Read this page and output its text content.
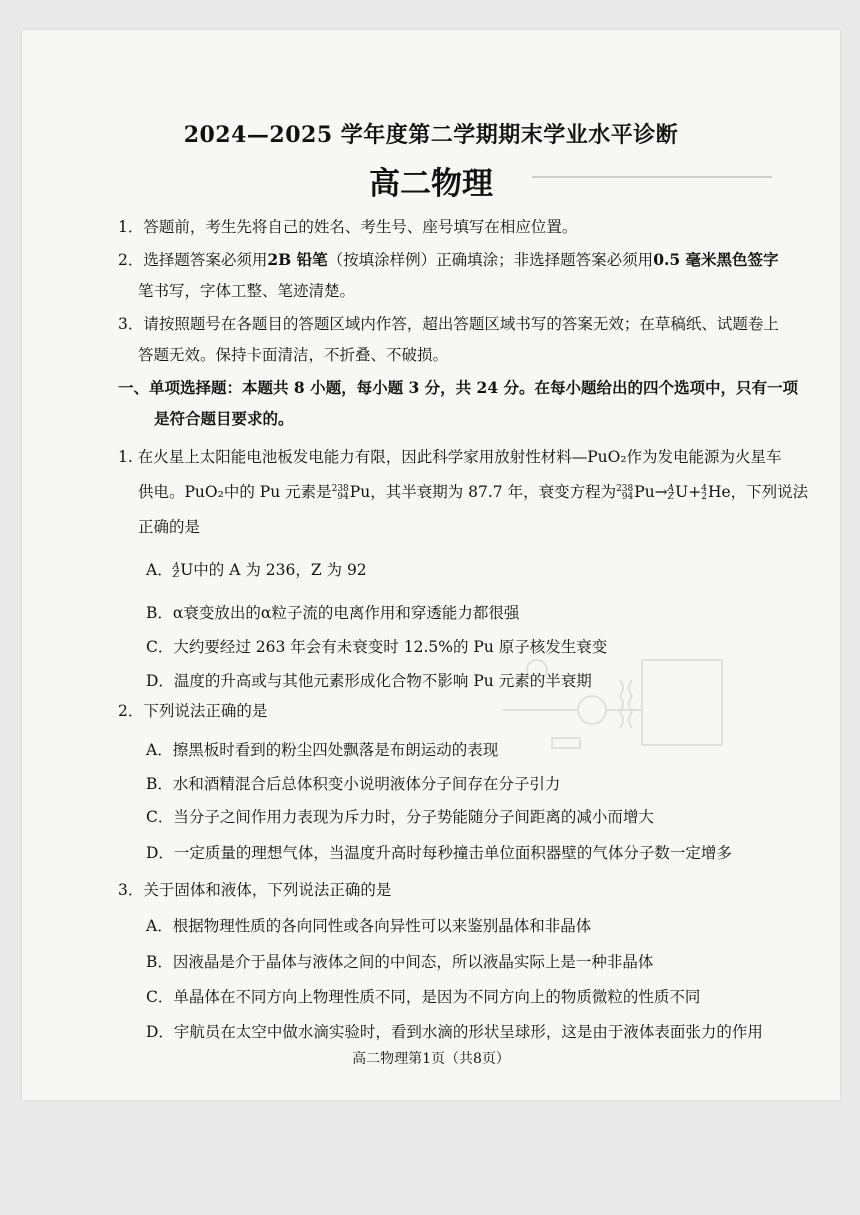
2024—2025 学年度第二学期期末学业水平诊断
高二物理
1．答题前，考生先将自己的姓名、考生号、座号填写在相应位置。
2．选择题答案必须用2B 铅笔（按填涂样例）正确填涂；非选择题答案必须用0.5 毫米黑色签字
笔书写，字体工整、笔迹清楚。
3．请按照题号在各题目的答题区域内作答，超出答题区域书写的答案无效；在草稿纸、试题卷上
答题无效。保持卡面清洁，不折叠、不破损。
一、单项选择题：本题共 8 小题，每小题 3 分，共 24 分。在每小题给出的四个选项中，只有一项
是符合题目要求的。
1. 在火星上太阳能电池板发电能力有限，因此科学家用放射性材料—PuO₂作为发电能源为火星车
供电。PuO₂中的 Pu 元素是 238
94 Pu，其半衰期为 87.7 年，衰变方程为 238
94 Pu→ A
Z U+ 4
2 He，下列说法
正确的是
A． A
Z U中的 A 为 236，Z 为 92
B．α衰变放出的α粒子流的电离作用和穿透能力都很强
C．大约要经过 263 年会有未衰变时 12.5%的 Pu 原子核发生衰变
D．温度的升高或与其他元素形成化合物不影响 Pu 元素的半衰期
2．下列说法正确的是
A．擦黑板时看到的粉尘四处飘落是布朗运动的表现
B．水和酒精混合后总体积变小说明液体分子间存在分子引力
C．当分子之间作用力表现为斥力时，分子势能随分子间距离的减小而增大
D．一定质量的理想气体，当温度升高时每秒撞击单位面积器壁的气体分子数一定增多
3．关于固体和液体，下列说法正确的是
A．根据物理性质的各向同性或各向异性可以来鉴别晶体和非晶体
B．因液晶是介于晶体与液体之间的中间态，所以液晶实际上是一种非晶体
C．单晶体在不同方向上物理性质不同，是因为不同方向上的物质微粒的性质不同
D．宇航员在太空中做水滴实验时，看到水滴的形状呈球形，这是由于液体表面张力的作用
高二物理第1页（共8页）
